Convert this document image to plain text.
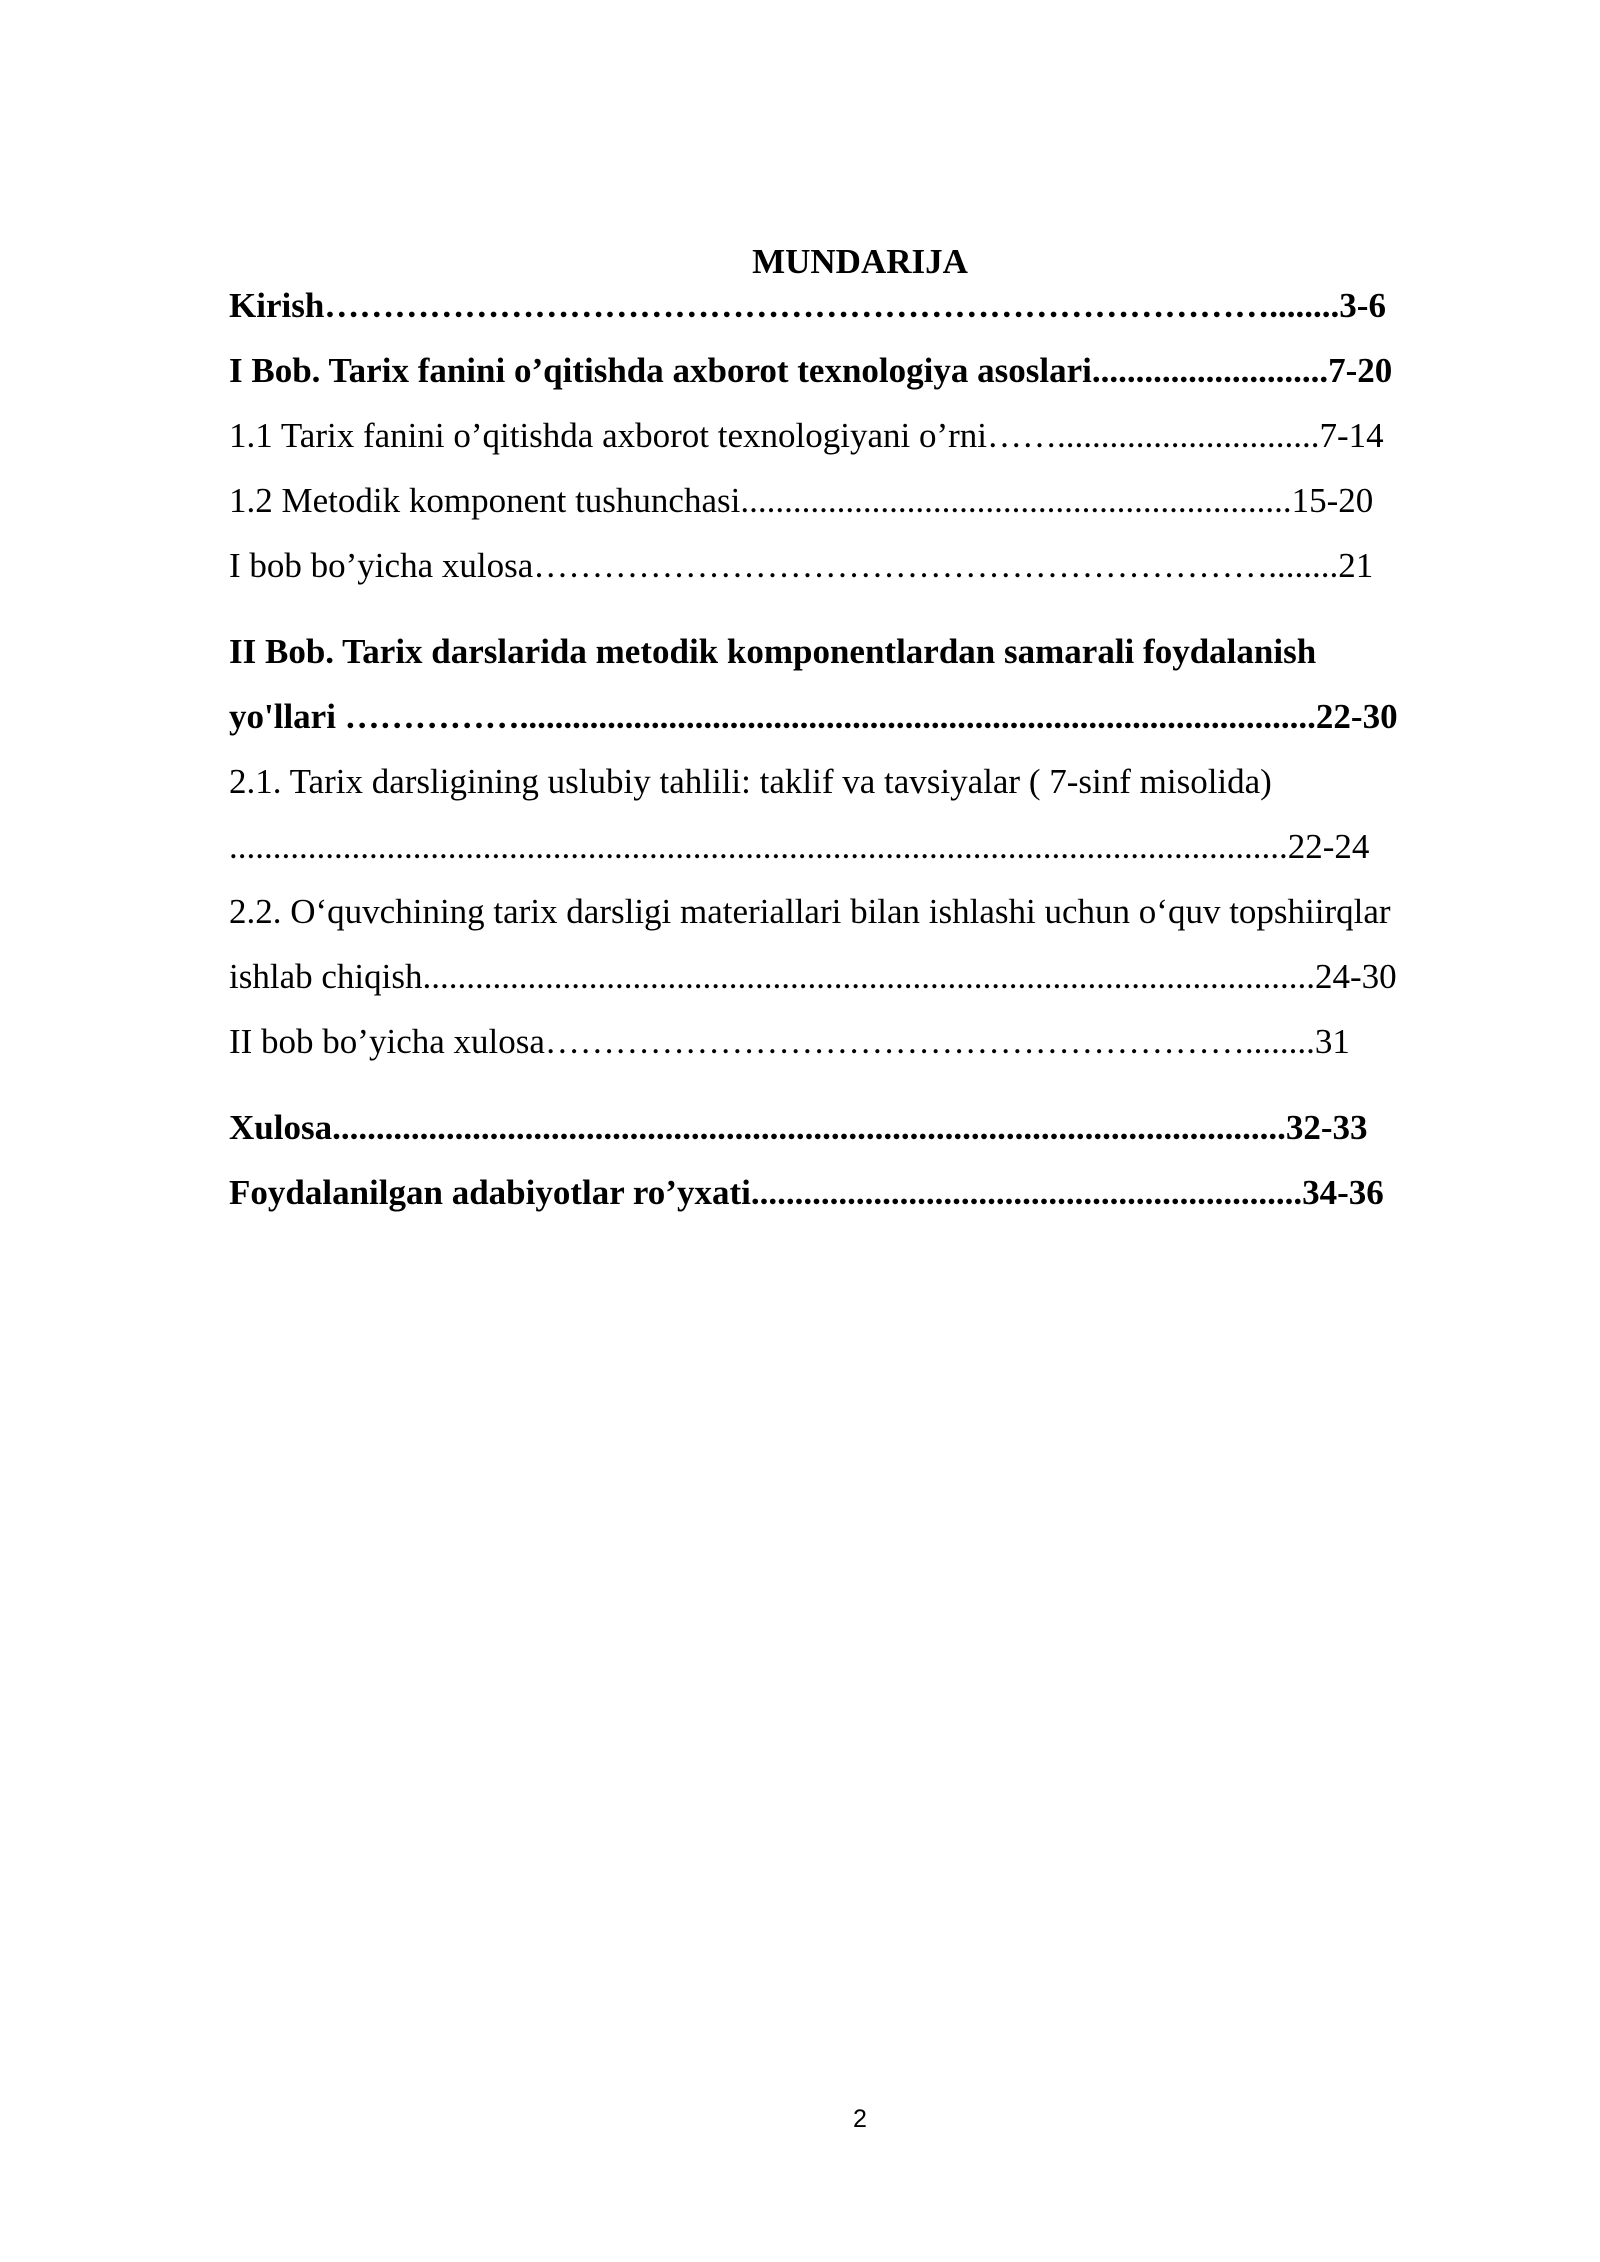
MUNDARIJA
Kirish………………………………………………………………………........3-6
I Bob. Tarix fanini o’qitishda axborot texnologiya asoslari...........................7-20
1.1 Tarix fanini o’qitishda axborot texnologiyani o’rni……..............................7-14
1.2 Metodik komponent tushunchasi...............................................................15-20
I bob bo’yicha xulosa………………………………………………………........21
II Bob. Tarix darslarida metodik komponentlardan samarali foydalanish
yo'llari ……………...........................................................................................22-30
2.1. Tarix darsligining uslubiy tahlili: taklif va tavsiyalar ( 7-sinf misolida)
.........................................................................................................................22-24
2.2. O‘quvchining tarix darsligi materiallari bilan ishlashi uchun o‘quv topshiirqlar
ishlab chiqish......................................................................................................24-30
II bob bo’yicha xulosa……………………………………………………........31
Xulosa.............................................................................................................32-33
Foydalanilgan adabiyotlar ro’yxati...............................................................34-36
2
